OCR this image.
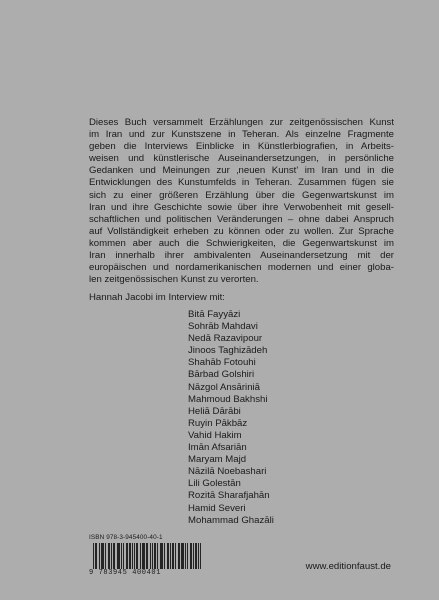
Dieses Buch versammelt Erzählungen zur zeitgenössischen Kunst
im Iran und zur Kunstszene in Teheran. Als einzelne Fragmente
geben die Interviews Einblicke in Künstlerbiografien, in Arbeits-
weisen und künstlerische Auseinandersetzungen, in persönliche
Gedanken und Meinungen zur ‚neuen Kunst' im Iran und in die
Entwicklungen des Kunstumfelds in Teheran. Zusammen fügen sie
sich zu einer größeren Erzählung über die Gegenwartskunst im
Iran und ihre Geschichte sowie über ihre Verwobenheit mit gesell-
schaftlichen und politischen Veränderungen – ohne dabei Anspruch
auf Vollständigkeit erheben zu können oder zu wollen. Zur Sprache
kommen aber auch die Schwierigkeiten, die Gegenwartskunst im
Iran innerhalb ihrer ambivalenten Auseinandersetzung mit der
europäischen und nordamerikanischen modernen und einer globa-
len zeitgenössischen Kunst zu verorten.
Hannah Jacobi im Interview mit:
Bitā Fayyāzi
Sohrāb Mahdavi
Nedā Razavipour
Jinoos Taghizādeh
Shahāb Fotouhi
Bārbad Golshiri
Nāzgol Ansāriniā
Mahmoud Bakhshi
Heliā Dārābi
Ruyin Pākbāz
Vahid Hakim
Imān Afsariān
Maryam Majd
Nāzilā Noebashari
Lili Golestān
Rozitā Sharafjahān
Hamid Severi
Mohammad Ghazāli
ISBN 978-3-945400-40-1
9 783945 400401
www.editionfaust.de
